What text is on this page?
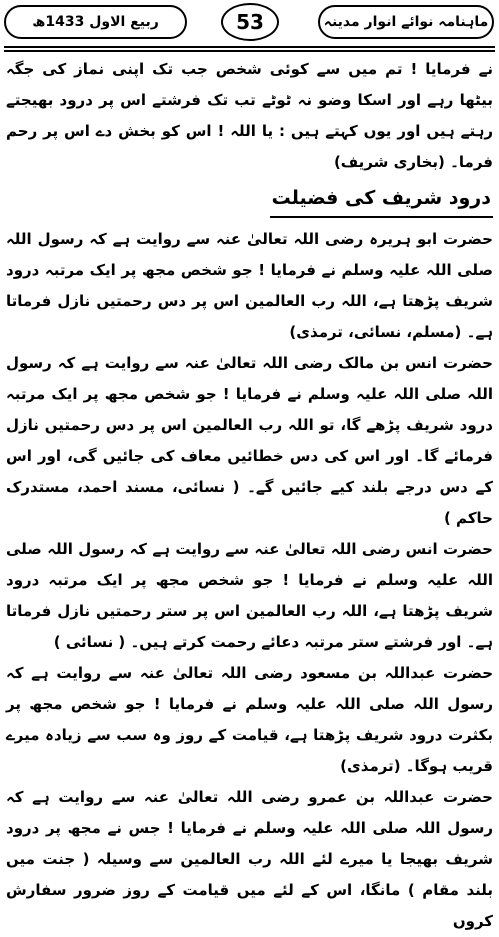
ماہنامہ نوائے انوار مدینہ
53
ربیع الاول 1433ھ

نے فرمایا ! تم میں سے کوئی شخص جب تک اپنی نماز کی جگہ بیٹھا رہے اور اسکا وضو نہ ٹوٹے تب تک فرشتے اس پر درود بھیجتے رہتے ہیں اور یوں کہتے ہیں : یا اللہ ! اس کو بخش دے اس پر رحم فرما۔ (بخاری شریف)

درود شریف کی فضیلت

حضرت ابو ہریرہ رضی اللہ تعالیٰ عنہ سے روایت ہے کہ رسول اللہ صلی اللہ علیہ وسلم نے فرمایا ! جو شخص مجھ پر ایک مرتبہ درود شریف پڑھتا ہے، اللہ رب العالمین اس پر دس رحمتیں نازل فرماتا ہے۔ (مسلم، نسائی، ترمذی)

حضرت انس بن مالک رضی اللہ تعالیٰ عنہ سے روایت ہے کہ رسول اللہ صلی اللہ علیہ وسلم نے فرمایا ! جو شخص مجھ پر ایک مرتبہ درود شریف پڑھے گا، تو اللہ رب العالمین اس پر دس رحمتیں نازل فرمائے گا۔ اور اس کی دس خطائیں معاف کی جائیں گی، اور اس کے دس درجے بلند کیے جائیں گے۔ ( نسائی، مسند احمد، مستدرک حاکم )

حضرت انس رضی اللہ تعالیٰ عنہ سے روایت ہے کہ رسول اللہ صلی اللہ علیہ وسلم نے فرمایا ! جو شخص مجھ پر ایک مرتبہ درود شریف پڑھتا ہے، اللہ رب العالمین اس پر ستر رحمتیں نازل فرماتا ہے۔ اور فرشتے ستر مرتبہ دعائے رحمت کرتے ہیں۔ ( نسائی )

حضرت عبداللہ بن مسعود رضی اللہ تعالیٰ عنہ سے روایت ہے کہ رسول اللہ صلی اللہ علیہ وسلم نے فرمایا ! جو شخص مجھ پر بکثرت درود شریف پڑھتا ہے، قیامت کے روز وہ سب سے زیادہ میرے قریب ہوگا۔ (ترمذی)

حضرت عبداللہ بن عمرو رضی اللہ تعالیٰ عنہ سے روایت ہے کہ رسول اللہ صلی اللہ علیہ وسلم نے فرمایا ! جس نے مجھ پر درود شریف بھیجا یا میرے لئے اللہ رب العالمین سے وسیلہ ( جنت میں بلند مقام ) مانگا، اس کے لئے میں قیامت کے روز ضرور سفارش کروں
